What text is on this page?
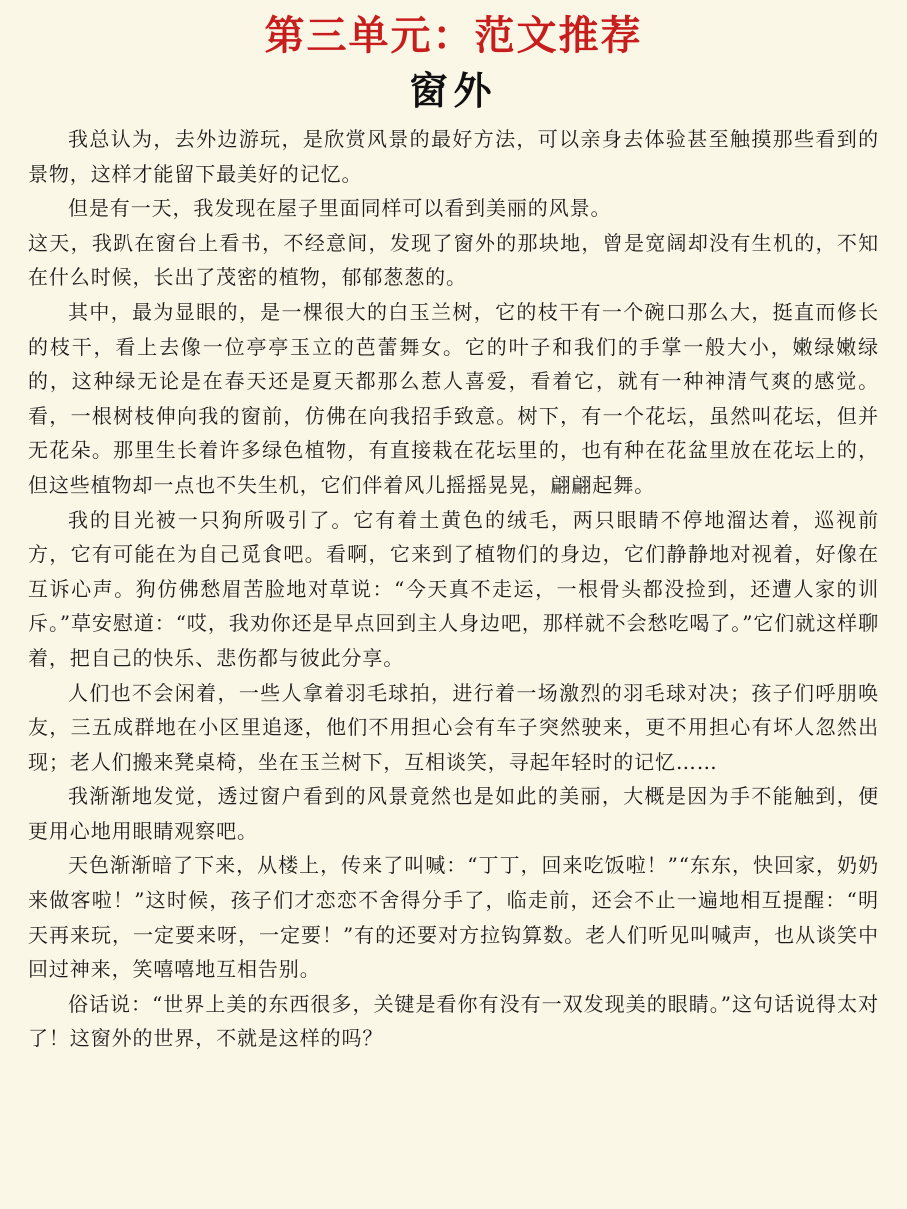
第三单元：范文推荐
窗外

我总认为，去外边游玩，是欣赏风景的最好方法，可以亲身去体验甚至触摸那些看到的景物，这样才能留下最美好的记忆。

但是有一天，我发现在屋子里面同样可以看到美丽的风景。

这天，我趴在窗台上看书，不经意间，发现了窗外的那块地，曾是宽阔却没有生机的，不知在什么时候，长出了茂密的植物，郁郁葱葱的。

其中，最为显眼的，是一棵很大的白玉兰树，它的枝干有一个碗口那么大，挺直而修长的枝干，看上去像一位亭亭玉立的芭蕾舞女。它的叶子和我们的手掌一般大小，嫩绿嫩绿的，这种绿无论是在春天还是夏天都那么惹人喜爱，看着它，就有一种神清气爽的感觉。看，一根树枝伸向我的窗前，仿佛在向我招手致意。树下，有一个花坛，虽然叫花坛，但并无花朵。那里生长着许多绿色植物，有直接栽在花坛里的，也有种在花盆里放在花坛上的，但这些植物却一点也不失生机，它们伴着风儿摇摇晃晃，翩翩起舞。

我的目光被一只狗所吸引了。它有着土黄色的绒毛，两只眼睛不停地溜达着，巡视前方，它有可能在为自己觅食吧。看啊，它来到了植物们的身边，它们静静地对视着，好像在互诉心声。狗仿佛愁眉苦脸地对草说：“今天真不走运，一根骨头都没捡到，还遭人家的训斥。”草安慰道：“哎，我劝你还是早点回到主人身边吧，那样就不会愁吃喝了。”它们就这样聊着，把自己的快乐、悲伤都与彼此分享。

人们也不会闲着，一些人拿着羽毛球拍，进行着一场激烈的羽毛球对决；孩子们呼朋唤友，三五成群地在小区里追逐，他们不用担心会有车子突然驶来，更不用担心有坏人忽然出现；老人们搬来凳桌椅，坐在玉兰树下，互相谈笑，寻起年轻时的记忆……

我渐渐地发觉，透过窗户看到的风景竟然也是如此的美丽，大概是因为手不能触到，便更用心地用眼睛观察吧。

天色渐渐暗了下来，从楼上，传来了叫喊：“丁丁，回来吃饭啦！”“东东，快回家，奶奶来做客啦！”这时候，孩子们才恋恋不舍得分手了，临走前，还会不止一遍地相互提醒：“明天再来玩，一定要来呀，一定要！”有的还要对方拉钩算数。老人们听见叫喊声，也从谈笑中回过神来，笑嘻嘻地互相告别。

俗话说：“世界上美的东西很多，关键是看你有没有一双发现美的眼睛。”这句话说得太对了！这窗外的世界，不就是这样的吗？
